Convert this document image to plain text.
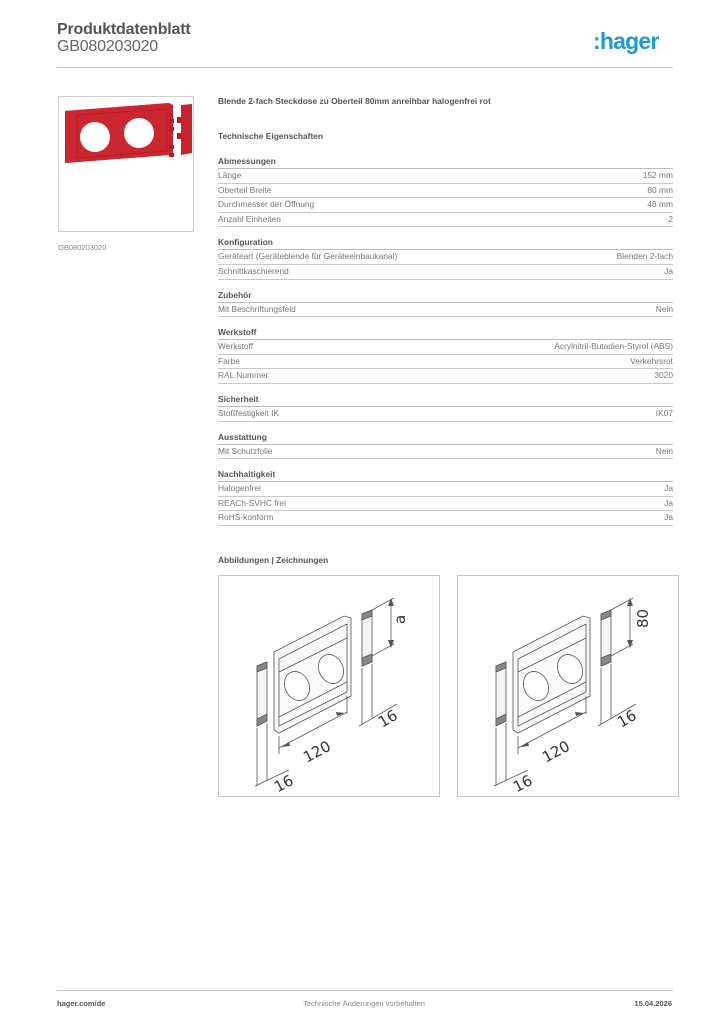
Produktdatenblatt
GB080203020	:hager
GB080203020
Blende 2-fach Steckdose zu Oberteil 80mm anreihbar halogenfrei rot
Technische Eigenschaften
Abmessungen
Länge	152 mm
Oberteil Breite	80 mm
Durchmesser der Öffnung	48 mm
Anzahl Einheiten	2
Konfiguration
Geräteart (Geräteblende für Geräteeinbaukanal)	Blenden 2-fach
Schnittkaschierend	Ja
Zubehör
Mit Beschriftungsfeld	Nein
Werkstoff
Werkstoff	Acrylnitril-Butadien-Styrol (ABS)
Farbe	Verkehrsrot
RAL Nummer	3020
Sicherheit
Stoßfestigkeit IK	IK07
Ausstattung
Mit Schutzfolie	Nein
Nachhaltigkeit
Halogenfrei	Ja
REACh-SVHC frei	Ja
RoHS-konform	Ja
Abbildungen | Zeichnungen
a
16
120
16
80
16
120
16
hager.com/de	Technische Änderungen vorbehalten	15.04.2026
